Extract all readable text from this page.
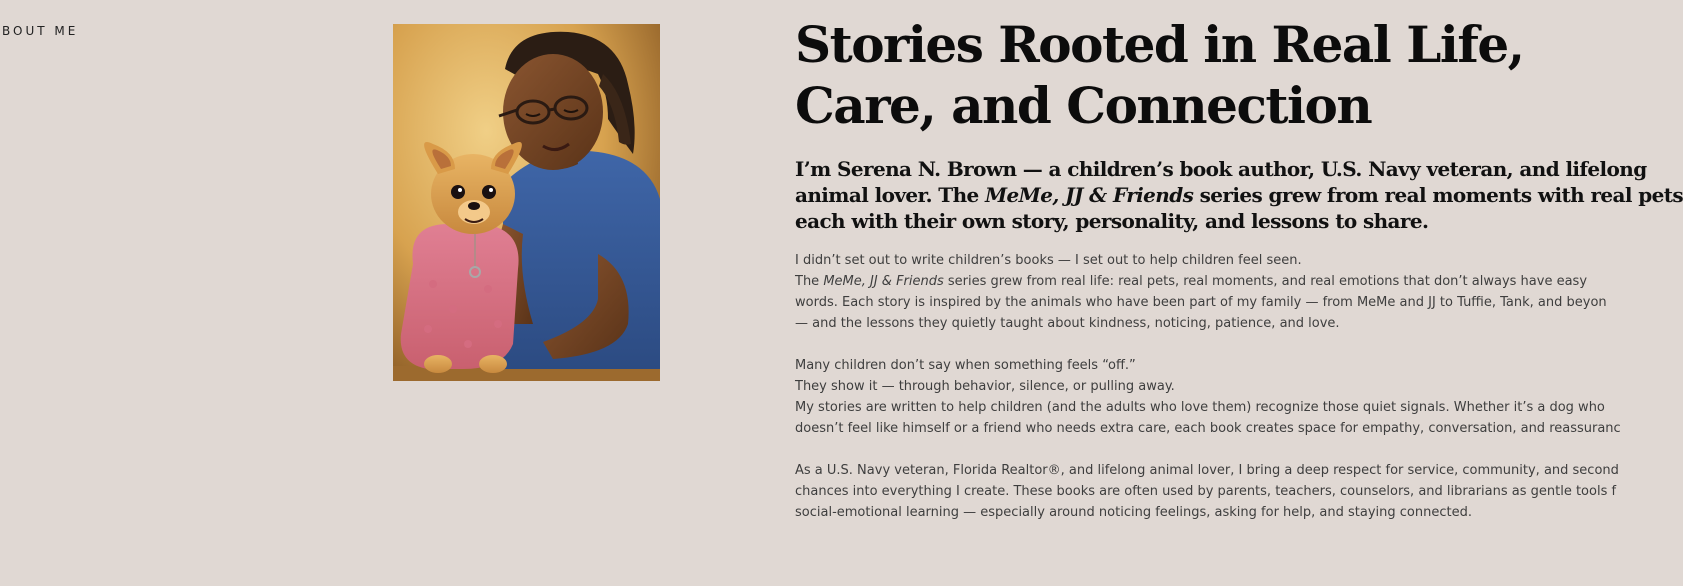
BOUT ME	Stories Rooted in Real Life,
Care, and Connection
I’m Serena N. Brown — a children’s book author, U.S. Navy veteran, and lifelong
animal lover. The MeMe, JJ & Friends series grew from real moments with real pets
each with their own story, personality, and lessons to share.

I didn’t set out to write children’s books — I set out to help children feel seen.
The MeMe, JJ & Friends series grew from real life: real pets, real moments, and real emotions that don’t always have easy
words. Each story is inspired by the animals who have been part of my family — from MeMe and JJ to Tuffie, Tank, and beyon
— and the lessons they quietly taught about kindness, noticing, patience, and love.

Many children don’t say when something feels “off.”
They show it — through behavior, silence, or pulling away.
My stories are written to help children (and the adults who love them) recognize those quiet signals. Whether it’s a dog who
doesn’t feel like himself or a friend who needs extra care, each book creates space for empathy, conversation, and reassuranc

As a U.S. Navy veteran, Florida Realtor®, and lifelong animal lover, I bring a deep respect for service, community, and second
chances into everything I create. These books are often used by parents, teachers, counselors, and librarians as gentle tools f
social-emotional learning — especially around noticing feelings, asking for help, and staying connected.
